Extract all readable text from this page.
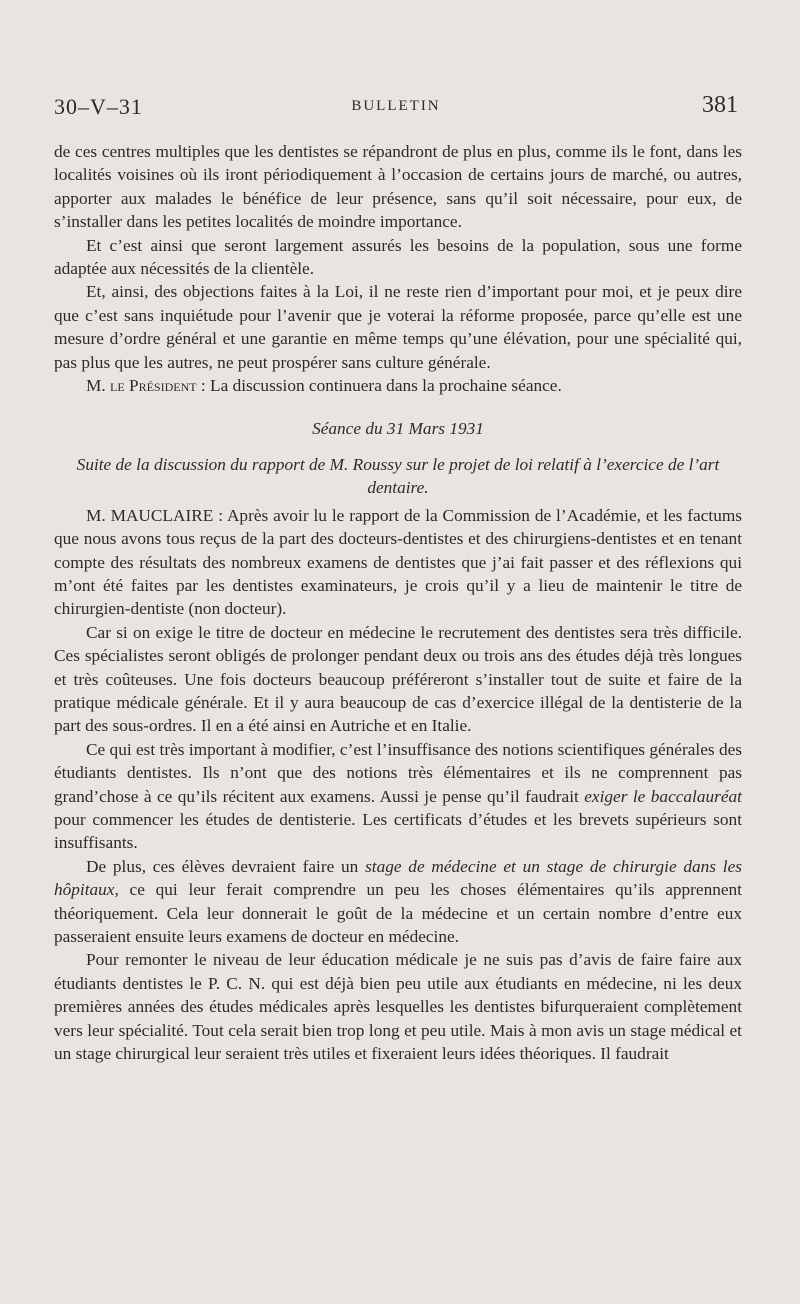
30–V–31	BULLETIN	381

de ces centres multiples que les dentistes se répandront de plus en plus, comme ils le font, dans les localités voisines où ils iront périodiquement à l’occasion de certains jours de marché, ou autres, apporter aux malades le bénéfice de leur présence, sans qu’il soit nécessaire, pour eux, de s’installer dans les petites localités de moindre importance.

Et c’est ainsi que seront largement assurés les besoins de la population, sous une forme adaptée aux nécessités de la clientèle.

Et, ainsi, des objections faites à la Loi, il ne reste rien d’important pour moi, et je peux dire que c’est sans inquiétude pour l’avenir que je voterai la réforme proposée, parce qu’elle est une mesure d’ordre général et une garantie en même temps qu’une élévation, pour une spécialité qui, pas plus que les autres, ne peut prospérer sans culture générale.

M. le Président : La discussion continuera dans la prochaine séance.

Séance du 31 Mars 1931

Suite de la discussion du rapport de M. Roussy sur le projet de loi relatif à l’exercice de l’art dentaire.

M. MAUCLAIRE : Après avoir lu le rapport de la Commission de l’Académie, et les factums que nous avons tous reçus de la part des docteurs-dentistes et des chirurgiens-dentistes et en tenant compte des résultats des nombreux examens de dentistes que j’ai fait passer et des réflexions qui m’ont été faites par les dentistes examinateurs, je crois qu’il y a lieu de maintenir le titre de chirurgien-dentiste (non docteur).

Car si on exige le titre de docteur en médecine le recrutement des dentistes sera très difficile. Ces spécialistes seront obligés de prolonger pendant deux ou trois ans des études déjà très longues et très coûteuses. Une fois docteurs beaucoup préféreront s’installer tout de suite et faire de la pratique médicale générale. Et il y aura beaucoup de cas d’exercice illégal de la dentisterie de la part des sous-ordres. Il en a été ainsi en Autriche et en Italie.

Ce qui est très important à modifier, c’est l’insuffisance des notions scientifiques générales des étudiants dentistes. Ils n’ont que des notions très élémentaires et ils ne comprennent pas grand’chose à ce qu’ils récitent aux examens. Aussi je pense qu’il faudrait exiger le baccalauréat pour commencer les études de dentisterie. Les certificats d’études et les brevets supérieurs sont insuffisants.

De plus, ces élèves devraient faire un stage de médecine et un stage de chirurgie dans les hôpitaux, ce qui leur ferait comprendre un peu les choses élémentaires qu’ils apprennent théoriquement. Cela leur donnerait le goût de la médecine et un certain nombre d’entre eux passeraient ensuite leurs examens de docteur en médecine.

Pour remonter le niveau de leur éducation médicale je ne suis pas d’avis de faire faire aux étudiants dentistes le P. C. N. qui est déjà bien peu utile aux étudiants en médecine, ni les deux premières années des études médicales après lesquelles les dentistes bifurqueraient complètement vers leur spécialité. Tout cela serait bien trop long et peu utile. Mais à mon avis un stage médical et un stage chirurgical leur seraient très utiles et fixeraient leurs idées théoriques. Il faudrait
